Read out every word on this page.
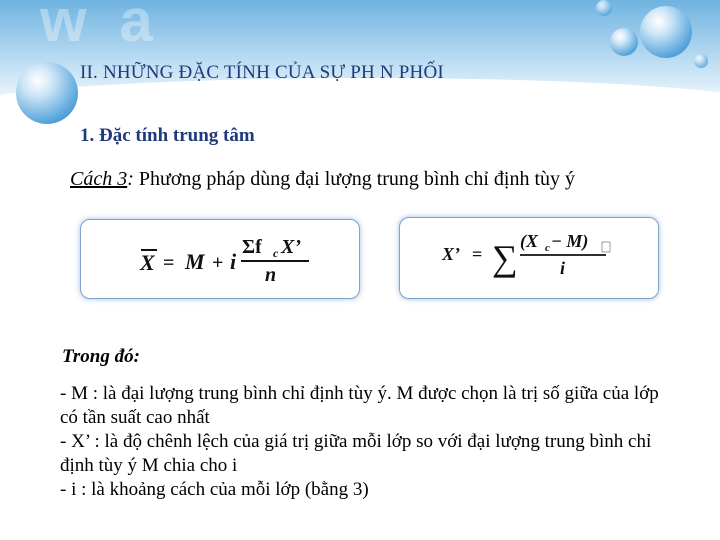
w a
II. NHỮNG ĐẶC TÍNH CỦA SỰ PH N PHỐI
1. Đặc tính trung tâm
Cách 3: Phương pháp dùng đại lượng trung bình chỉ định tùy ý
X = M + i
Σf c X’
n
X’ = ∑ (X c − M)
i
Trong đó:
- M : là đại lượng trung bình chỉ định tùy ý. M được chọn là trị số giữa của lớp có tần suất cao nhất
- X’ : là độ chênh lệch của giá trị giữa mỗi lớp so với đại lượng trung bình chỉ định tùy ý M chia cho i
- i : là khoảng cách của mỗi lớp (bằng 3)
